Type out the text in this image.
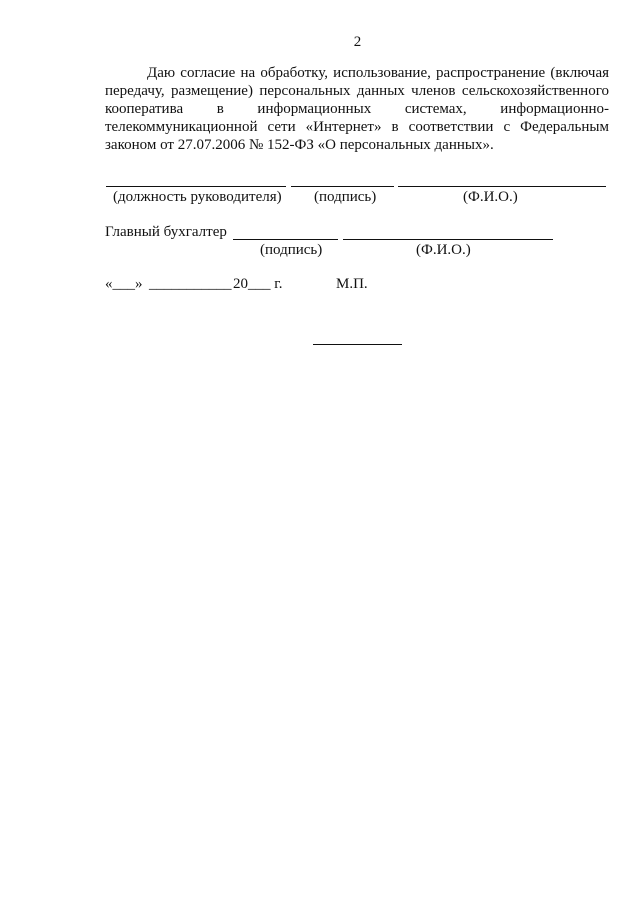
2

Даю согласие на обработку, использование, распространение (включая передачу, размещение) персональных данных членов сельскохозяйственного кооператива в информационных системах, информационно-телекоммуникационной сети «Интернет» в соответствии с Федеральным законом от 27.07.2006 № 152-ФЗ «О персональных данных».

(должность руководителя) (подпись)	(Ф.И.О.)
Главный бухгалтер
(подпись)	(Ф.И.О.)
«___» ___________ 20___ г.	М.П.
